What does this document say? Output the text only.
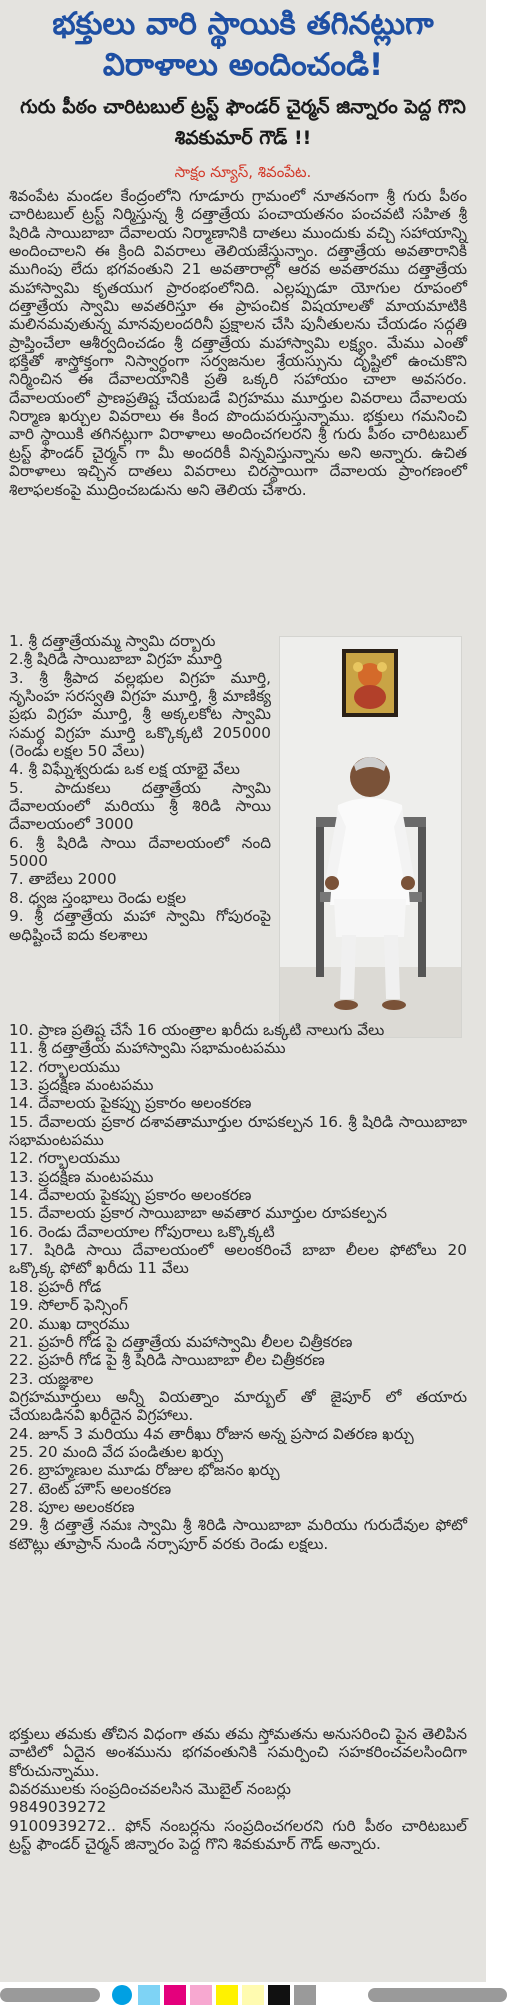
భక్తులు వారి స్థాయికి తగినట్లుగా
విరాళాలు అందించండి!
గురు పీఠం చారిటబుల్ ట్రస్ట్ ఫౌండర్ చైర్మన్ జిన్నారం పెద్ద గొని శివకుమార్ గౌడ్ !!
సాక్షం న్యూస్, శివంపేట.

శివంపేట మండల కేంద్రంలోని గూడూరు గ్రామంలో నూతనంగా శ్రీ గురు పీఠం చారిటబుల్ ట్రస్ట్ నిర్మిస్తున్న శ్రీ దత్తాత్రేయ పంచాయతనం పంచవటి సహిత శ్రీ షిరిడి సాయిబాబా దేవాలయ నిర్మాణానికి దాతలు ముందుకు వచ్చి సహాయాన్ని అందించాలని ఈ క్రింది వివరాలు తెలియజేస్తున్నాం. దత్తాత్రేయ అవతారానికి ముగింపు లేదు భగవంతుని 21 అవతారాల్లో ఆరవ అవతారము దత్తాత్రేయ మహాస్వామి కృతయుగ ప్రారంభంలోనిది. ఎల్లప్పుడూ యోగుల రూపంలో దత్తాత్రేయ స్వామి అవతరిస్తూ ఈ ప్రాపంచిక విషయాలతో మాయమాటికి మలినమవుతున్న మానవులందరినీ ప్రక్షాలన చేసి పునీతులను చేయడం సద్గతి ప్రాప్తించేలా ఆశీర్వదించడం శ్రీ దత్తాత్రేయ మహాస్వామి లక్ష్యం. మేము ఎంతో భక్తితో శాస్త్రోక్తంగా నిస్వార్థంగా సర్వజనుల శ్రేయస్సును దృష్టిలో ఉంచుకొని నిర్మించిన ఈ దేవాలయానికి ప్రతి ఒక్కరి సహాయం చాలా అవసరం. దేవాలయంలో ప్రాణప్రతిష్ట చేయబడే విగ్రహము మూర్తుల వివరాలు దేవాలయ నిర్మాణ ఖర్చుల వివరాలు ఈ కింద పొందుపరుస్తున్నాము. భక్తులు గమనించి వారి స్థాయికి తగినట్లుగా విరాళాలు అందించగలరని శ్రీ గురు పీఠం చారిటబుల్ ట్రస్ట్ ఫౌండర్ చైర్మన్ గా మీ అందరికీ విన్నవిస్తున్నాను అని అన్నారు. ఉచిత విరాళాలు ఇచ్చిన దాతలు వివరాలు చిరస్థాయిగా దేవాలయ ప్రాంగణంలో శిలాఫలకంపై ముద్రించబడును అని తెలియ చేశారు.

1. శ్రీ దత్తాత్రేయమ్మ స్వామి దర్బారు

2.శ్రీ షిరిడి సాయిబాబా విగ్రహ మూర్తి

3. శ్రీ శ్రీపాద వల్లభుల విగ్రహ మూర్తి, నృసింహ సరస్వతి విగ్రహ మూర్తి, శ్రీ మాణిక్య ప్రభు విగ్రహ మూర్తి, శ్రీ అక్కలకోట స్వామి సమర్థ విగ్రహ మూర్తి ఒక్కొక్కటి 205000 (రెండు లక్షల 50 వేలు)

4. శ్రీ విఘ్నేశ్వరుడు ఒక లక్ష యాభై వేలు

5. పాదుకలు దత్తాత్రేయ స్వామి దేవాలయంలో మరియు శ్రీ శిరిడి సాయి దేవాలయంలో 3000

6. శ్రీ షిరిడి సాయి దేవాలయంలో నంది 5000

7. తాబేలు 2000

8. ధ్వజ స్తంభాలు రెండు లక్షల

9. శ్రీ దత్తాత్రేయ మహా స్వామి గోపురంపై అధిష్టించే ఐదు కలశాలు

10. ప్రాణ ప్రతిష్ట చేసే 16 యంత్రాల ఖరీదు ఒక్కటి నాలుగు వేలు

11. శ్రీ దత్తాత్రేయ మహాస్వామి సభామంటపము

12. గర్భాలయము

13. ప్రదక్షిణ మంటపము

14. దేవాలయ పైకప్పు ప్రకారం అలంకరణ

15. దేవాలయ ప్రకార దశావతామూర్తుల రూపకల్పన 16. శ్రీ షిరిడి సాయిబాబా సభామంటపము

12. గర్భాలయము

13. ప్రదక్షిణ మంటపము

14. దేవాలయ పైకప్పు ప్రకారం అలంకరణ

15. దేవాలయ ప్రకార సాయిబాబా అవతార మూర్తుల రూపకల్పన

16. రెండు దేవాలయాల గోపురాలు ఒక్కొక్కటి

17. షిరిడి సాయి దేవాలయంలో అలంకరించే బాబా లీలల ఫోటోలు 20 ఒక్కొక్క ఫోటో ఖరీదు 11 వేలు

18. ప్రహరీ గోడ

19. సోలార్ ఫెన్సింగ్

20. ముఖ ద్వారము

21. ప్రహరీ గోడ పై దత్తాత్రేయ మహాస్వామి లీలల చిత్రీకరణ

22. ప్రహరీ గోడ పై శ్రీ షిరిడి సాయిబాబా లీల చిత్రీకరణ

23. యజ్ఞశాల

విగ్రహమూర్తులు అన్నీ వియత్నాం మార్బుల్ తో జైపూర్ లో తయారు చేయబడినవి ఖరీదైన విగ్రహాలు.

24. జూన్ 3 మరియు 4వ తారీఖు రోజున అన్న ప్రసాద వితరణ ఖర్చు

25. 20 మంది వేద పండితుల ఖర్చు

26. బ్రాహ్మణుల మూడు రోజుల భోజనం ఖర్చు

27. టెంట్ హౌస్ అలంకరణ

28. పూల అలంకరణ

29. శ్రీ దత్తాత్రే నమః స్వామి శ్రీ శిరిడి సాయిబాబా మరియు గురుదేవుల ఫోటో కటౌట్లు తూప్రాన్ నుండి నర్సాపూర్ వరకు రెండు లక్షలు.

భక్తులు తమకు తోచిన విధంగా తమ తమ స్తోమతను అనుసరించి పైన తెలిపిన వాటిలో ఏదైన అంశమును భగవంతునికి సమర్పించి సహకరించవలసిందిగా కోరుచున్నాము.

వివరములకు సంప్రదించవలసిన మొబైల్ నంబర్లు

9849039272

9100939272.. ఫోన్ నంబర్లను సంప్రదించగలరని గురి పీఠం చారిటబుల్ ట్రస్ట్ ఫౌండర్ చైర్మన్ జిన్నారం పెద్ద గొని శివకుమార్ గౌడ్ అన్నారు.
